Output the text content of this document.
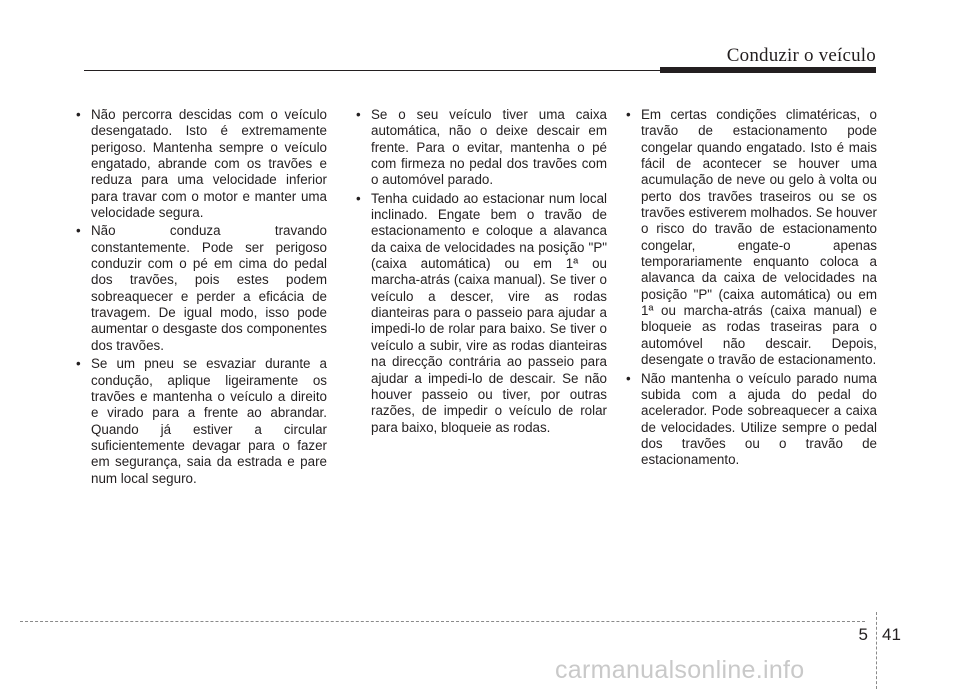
Conduzir o veículo
• Não percorra descidas com o veículo desengatado. Isto é extremamente perigoso. Mantenha sempre o veículo engatado, abrande com os travões e reduza para uma velocidade inferior para travar com o motor e manter uma velocidade segura.
• Não conduza travando constantemente. Pode ser perigoso conduzir com o pé em cima do pedal dos travões, pois estes podem sobreaquecer e perder a eficácia de travagem. De igual modo, isso pode aumentar o desgaste dos componentes dos travões.
• Se um pneu se esvaziar durante a condução, aplique ligeiramente os travões e mantenha o veículo a direito e virado para a frente ao abrandar. Quando já estiver a circular suficientemente devagar para o fazer em segurança, saia da estrada e pare num local seguro.
• Se o seu veículo tiver uma caixa automática, não o deixe descair em frente. Para o evitar, mantenha o pé com firmeza no pedal dos travões com o automóvel parado.
• Tenha cuidado ao estacionar num local inclinado. Engate bem o travão de estacionamento e coloque a alavanca da caixa de velocidades na posição "P" (caixa automática) ou em 1ª ou marcha-atrás (caixa manual). Se tiver o veículo a descer, vire as rodas dianteiras para o passeio para ajudar a impedi-lo de rolar para baixo. Se tiver o veículo a subir, vire as rodas dianteiras na direcção contrária ao passeio para ajudar a impedi-lo de descair. Se não houver passeio ou tiver, por outras razões, de impedir o veículo de rolar para baixo, bloqueie as rodas.
• Em certas condições climatéricas, o travão de estacionamento pode congelar quando engatado. Isto é mais fácil de acontecer se houver uma acumulação de neve ou gelo à volta ou perto dos travões traseiros ou se os travões estiverem molhados. Se houver o risco do travão de estacionamento congelar, engate-o apenas temporariamente enquanto coloca a alavanca da caixa de velocidades na posição "P" (caixa automática) ou em 1ª ou marcha-atrás (caixa manual) e bloqueie as rodas traseiras para o automóvel não descair. Depois, desengate o travão de estacionamento.
• Não mantenha o veículo parado numa subida com a ajuda do pedal do acelerador. Pode sobreaquecer a caixa de velocidades. Utilize sempre o pedal dos travões ou o travão de estacionamento.
5 41
carmanualsonline.info
